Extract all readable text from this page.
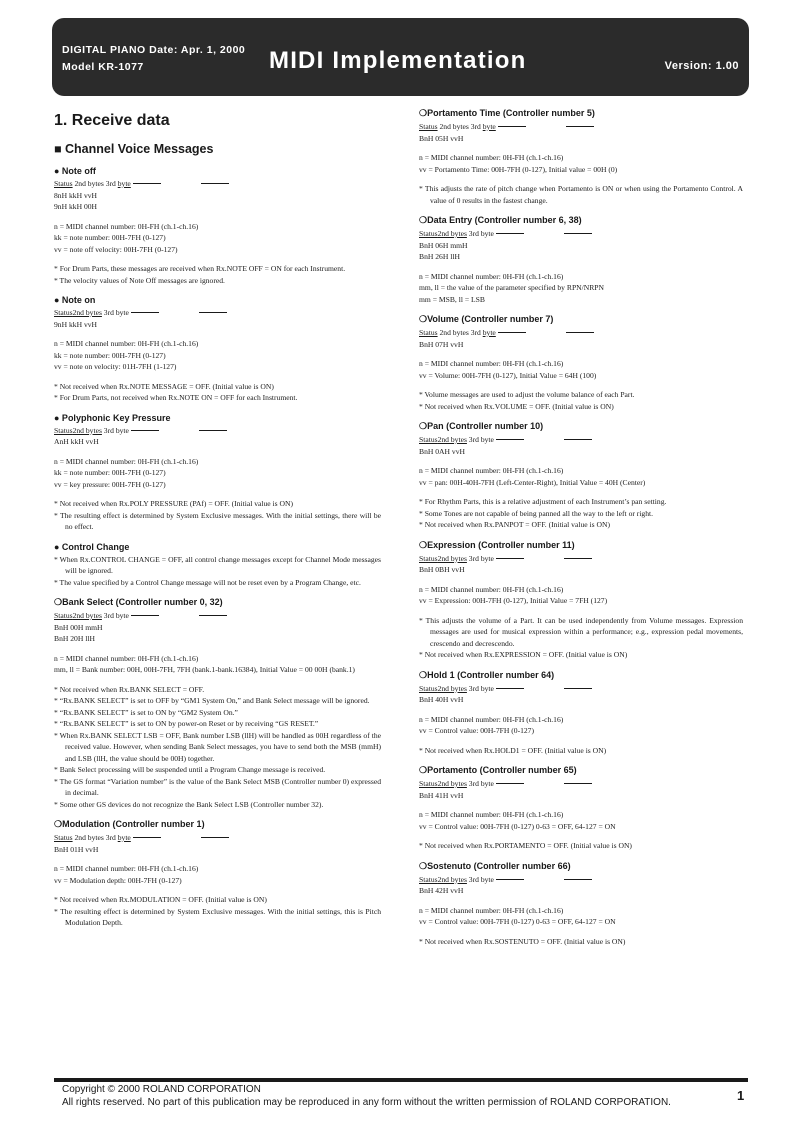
DIGITAL PIANO Date: Apr. 1, 2000
Model KR-1077	MIDI Implementation	Version: 1.00
1. Receive data
■ Channel Voice Messages
● Note off
Status 2nd bytes 3rd byte
8nH kkH vvH
9nH kkH 00H
n = MIDI channel number: 0H-FH (ch.1-ch.16)
kk = note number: 00H-7FH (0-127)
vv = note off velocity: 00H-7FH (0-127)
* For Drum Parts, these messages are received when Rx.NOTE OFF = ON for each Instrument.
* The velocity values of Note Off messages are ignored.
● Note on
Status2nd bytes 3rd byte
9nH kkH vvH
n = MIDI channel number: 0H-FH (ch.1-ch.16)
kk = note number: 00H-7FH (0-127)
vv = note on velocity: 01H-7FH (1-127)
* Not received when Rx.NOTE MESSAGE = OFF. (Initial value is ON)
* For Drum Parts, not received when Rx.NOTE ON = OFF for each Instrument.
● Polyphonic Key Pressure
Status2nd bytes 3rd byte
AnH kkH vvH
n = MIDI channel number: 0H-FH (ch.1-ch.16)
kk = note number: 00H-7FH (0-127)
vv = key pressure: 00H-7FH (0-127)
* Not received when Rx.POLY PRESSURE (PAf) = OFF. (Initial value is ON)
* The resulting effect is determined by System Exclusive messages. With the initial settings, there will be no effect.
● Control Change
* When Rx.CONTROL CHANGE = OFF, all control change messages except for Channel Mode messages will be ignored.
* The value specified by a Control Change message will not be reset even by a Program Change, etc.
❍Bank Select (Controller number 0, 32)
Status2nd bytes 3rd byte
BnH 00H mmH
BnH 20H llH
n = MIDI channel number: 0H-FH (ch.1-ch.16)
mm, ll = Bank number: 00H, 00H-7FH, 7FH (bank.1-bank.16384), Initial Value = 00 00H (bank.1)
* Not received when Rx.BANK SELECT = OFF.
* “Rx.BANK SELECT” is set to OFF by “GM1 System On,” and Bank Select message will be ignored.
* “Rx.BANK SELECT” is set to ON by “GM2 System On.”
* “Rx.BANK SELECT” is set to ON by power-on Reset or by receiving “GS RESET.”
* When Rx.BANK SELECT LSB = OFF, Bank number LSB (llH) will be handled as 00H regardless of the received value. However, when sending Bank Select messages, you have to send both the MSB (mmH) and LSB (llH, the value should be 00H) together.
* Bank Select processing will be suspended until a Program Change message is received.
* The GS format “Variation number” is the value of the Bank Select MSB (Controller number 0) expressed in decimal.
* Some other GS devices do not recognize the Bank Select LSB (Controller number 32).
❍Modulation (Controller number 1)
Status 2nd bytes 3rd byte
BnH 01H vvH
n = MIDI channel number: 0H-FH (ch.1-ch.16)
vv = Modulation depth: 00H-7FH (0-127)
* Not received when Rx.MODULATION = OFF. (Initial value is ON)
* The resulting effect is determined by System Exclusive messages. With the initial settings, this is Pitch Modulation Depth.
❍Portamento Time (Controller number 5)
Status 2nd bytes 3rd byte
BnH 05H vvH
n = MIDI channel number: 0H-FH (ch.1-ch.16)
vv = Portamento Time: 00H-7FH (0-127), Initial value = 00H (0)
* This adjusts the rate of pitch change when Portamento is ON or when using the Portamento Control. A value of 0 results in the fastest change.
❍Data Entry (Controller number 6, 38)
Status2nd bytes 3rd byte
BnH 06H mmH
BnH 26H llH
n = MIDI channel number: 0H-FH (ch.1-ch.16)
mm, ll = the value of the parameter specified by RPN/NRPN
mm = MSB, ll = LSB
❍Volume (Controller number 7)
Status 2nd bytes 3rd byte
BnH 07H vvH
n = MIDI channel number: 0H-FH (ch.1-ch.16)
vv = Volume: 00H-7FH (0-127), Initial Value = 64H (100)
* Volume messages are used to adjust the volume balance of each Part.
* Not received when Rx.VOLUME = OFF. (Initial value is ON)
❍Pan (Controller number 10)
Status2nd bytes 3rd byte
BnH 0AH vvH
n = MIDI channel number: 0H-FH (ch.1-ch.16)
vv = pan: 00H-40H-7FH (Left-Center-Right), Initial Value = 40H (Center)
* For Rhythm Parts, this is a relative adjustment of each Instrument’s pan setting.
* Some Tones are not capable of being panned all the way to the left or right.
* Not received when Rx.PANPOT = OFF. (Initial value is ON)
❍Expression (Controller number 11)
Status2nd bytes 3rd byte
BnH 0BH vvH
n = MIDI channel number: 0H-FH (ch.1-ch.16)
vv = Expression: 00H-7FH (0-127), Initial Value = 7FH (127)
* This adjusts the volume of a Part. It can be used independently from Volume messages. Expression messages are used for musical expression within a performance; e.g., expression pedal movements, crescendo and decrescendo.
* Not received when Rx.EXPRESSION = OFF. (Initial value is ON)
❍Hold 1 (Controller number 64)
Status2nd bytes 3rd byte
BnH 40H vvH
n = MIDI channel number: 0H-FH (ch.1-ch.16)
vv = Control value: 00H-7FH (0-127)
* Not received when Rx.HOLD1 = OFF. (Initial value is ON)
❍Portamento (Controller number 65)
Status2nd bytes 3rd byte
BnH 41H vvH
n = MIDI channel number: 0H-FH (ch.1-ch.16)
vv = Control value: 00H-7FH (0-127) 0-63 = OFF, 64-127 = ON
* Not received when Rx.PORTAMENTO = OFF. (Initial value is ON)
❍Sostenuto (Controller number 66)
Status2nd bytes 3rd byte
BnH 42H vvH
n = MIDI channel number: 0H-FH (ch.1-ch.16)
vv = Control value: 00H-7FH (0-127) 0-63 = OFF, 64-127 = ON
* Not received when Rx.SOSTENUTO = OFF. (Initial value is ON)
Copyright © 2000 ROLAND CORPORATION
All rights reserved. No part of this publication may be reproduced in any form without the written permission of ROLAND CORPORATION.	1
